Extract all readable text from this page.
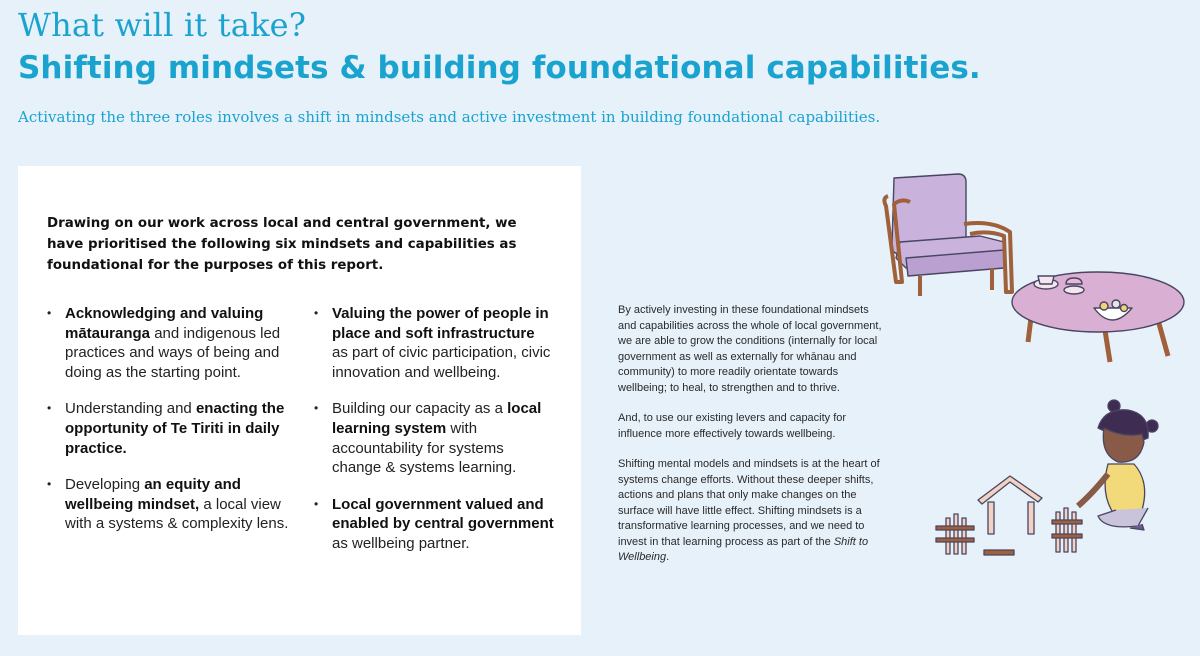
What will it take?
Shifting mindsets & building foundational capabilities.

Activating the three roles involves a shift in mindsets and active investment in building foundational capabilities.

Drawing on our work across local and central government, we have prioritised the following six mindsets and capabilities as foundational for the purposes of this report.

• Acknowledging and valuing mātauranga and indigenous led practices and ways of being and doing as the starting point.
• Understanding and enacting the opportunity of Te Tiriti in daily practice.
• Developing an equity and wellbeing mindset, a local view with a systems & complexity lens.
• Valuing the power of people in place and soft infrastructure as part of civic participation, civic innovation and wellbeing.
• Building our capacity as a local learning system with accountability for systems change & systems learning.
• Local government valued and enabled by central government as wellbeing partner.

By actively investing in these foundational mindsets and capabilities across the whole of local government, we are able to grow the conditions (internally for local government as well as externally for whānau and community) to more readily orientate towards wellbeing; to heal, to strengthen and to thrive.

And, to use our existing levers and capacity for influence more effectively towards wellbeing.

Shifting mental models and mindsets is at the heart of systems change efforts. Without these deeper shifts, actions and plans that only make changes on the surface will have little effect. Shifting mindsets is a transformative learning processes, and we need to invest in that learning process as part of the Shift to Wellbeing.
